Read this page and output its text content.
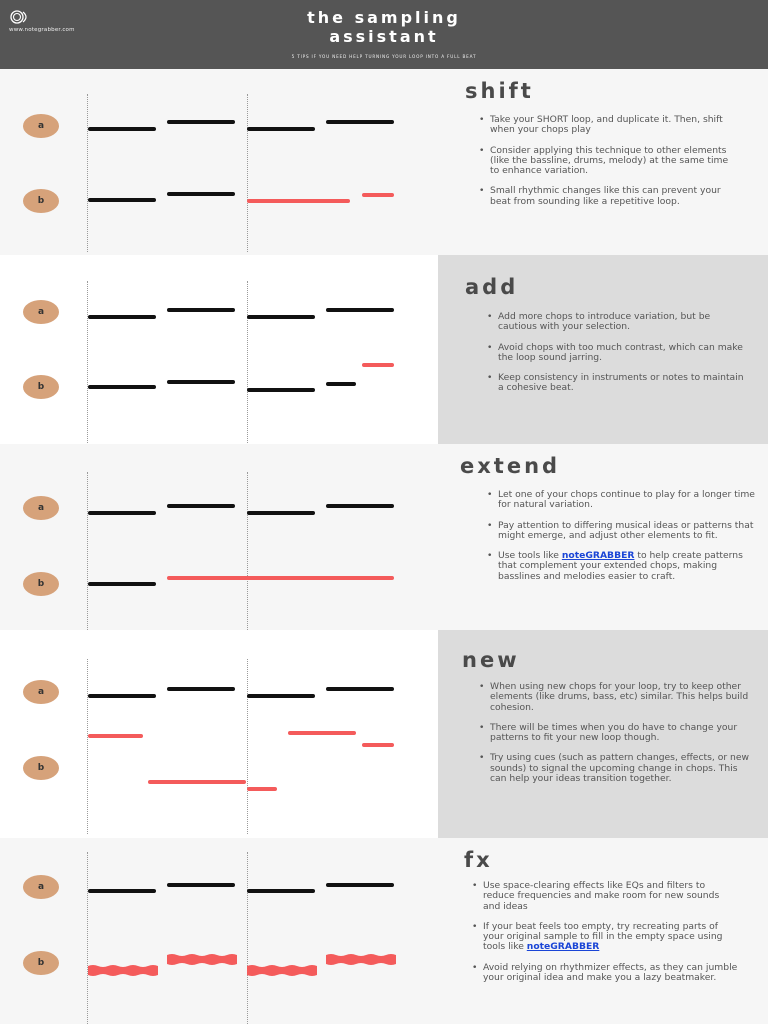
www.notegrabber.com
the sampling
assistant
5 TIPS IF YOU NEED HELP TURNING YOUR LOOP INTO A FULL BEAT
a
b
shift
• Take your SHORT loop, and duplicate it. Then, shift when your chops play
• Consider applying this technique to other elements (like the bassline, drums, melody) at the same time to enhance variation.
• Small rhythmic changes like this can prevent your beat from sounding like a repetitive loop.
a
b
add
• Add more chops to introduce variation, but be cautious with your selection.
• Avoid chops with too much contrast, which can make the loop sound jarring.
• Keep consistency in instruments or notes to maintain a cohesive beat.
a
b
extend
• Let one of your chops continue to play for a longer time for natural variation.
• Pay attention to differing musical ideas or patterns that might emerge, and adjust other elements to fit.
• Use tools like noteGRABBER to help create patterns that complement your extended chops, making basslines and melodies easier to craft.
a
b
new
• When using new chops for your loop, try to keep other elements (like drums, bass, etc) similar. This helps build cohesion.
• There will be times when you do have to change your patterns to fit your new loop though.
• Try using cues (such as pattern changes, effects, or new sounds) to signal the upcoming change in chops. This can help your ideas transition together.
a
b
fx
• Use space-clearing effects like EQs and filters to reduce frequencies and make room for new sounds and ideas
• If your beat feels too empty, try recreating parts of your original sample to fill in the empty space using tools like noteGRABBER
• Avoid relying on rhythmizer effects, as they can jumble your original idea and make you a lazy beatmaker.
